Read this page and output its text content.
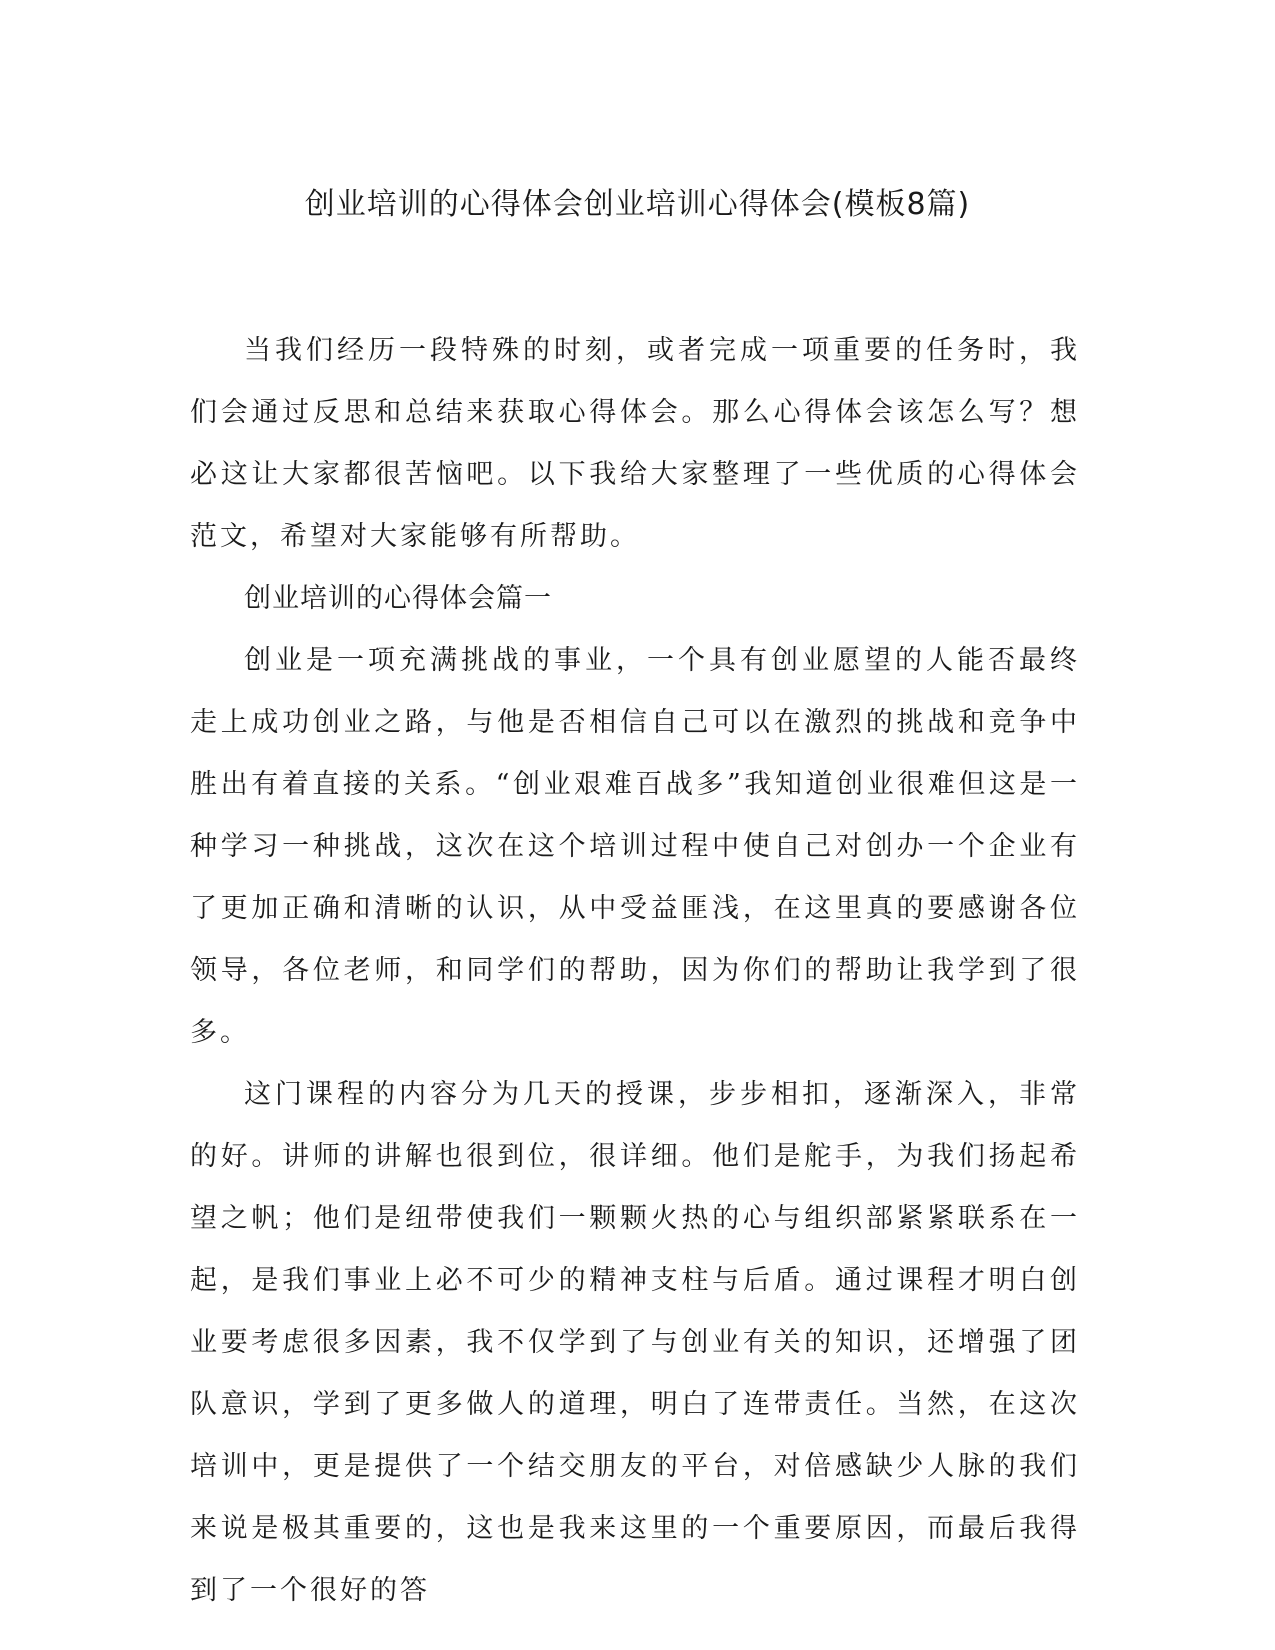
创业培训的心得体会创业培训心得体会(模板8篇)

当我们经历一段特殊的时刻，或者完成一项重要的任务时，我们会通过反思和总结来获取心得体会。那么心得体会该怎么写？想必这让大家都很苦恼吧。以下我给大家整理了一些优质的心得体会范文，希望对大家能够有所帮助。

创业培训的心得体会篇一

创业是一项充满挑战的事业，一个具有创业愿望的人能否最终走上成功创业之路，与他是否相信自己可以在激烈的挑战和竞争中胜出有着直接的关系。“创业艰难百战多”我知道创业很难但这是一种学习一种挑战，这次在这个培训过程中使自己对创办一个企业有了更加正确和清晰的认识，从中受益匪浅，在这里真的要感谢各位领导，各位老师，和同学们的帮助，因为你们的帮助让我学到了很多。

这门课程的内容分为几天的授课，步步相扣，逐渐深入，非常的好。讲师的讲解也很到位，很详细。他们是舵手，为我们扬起希望之帆；他们是纽带使我们一颗颗火热的心与组织部紧紧联系在一起，是我们事业上必不可少的精神支柱与后盾。通过课程才明白创业要考虑很多因素，我不仅学到了与创业有关的知识，还增强了团队意识，学到了更多做人的道理，明白了连带责任。当然，在这次培训中，更是提供了一个结交朋友的平台，对倍感缺少人脉的我们来说是极其重要的，这也是我来这里的一个重要原因，而最后我得到了一个很好的答
